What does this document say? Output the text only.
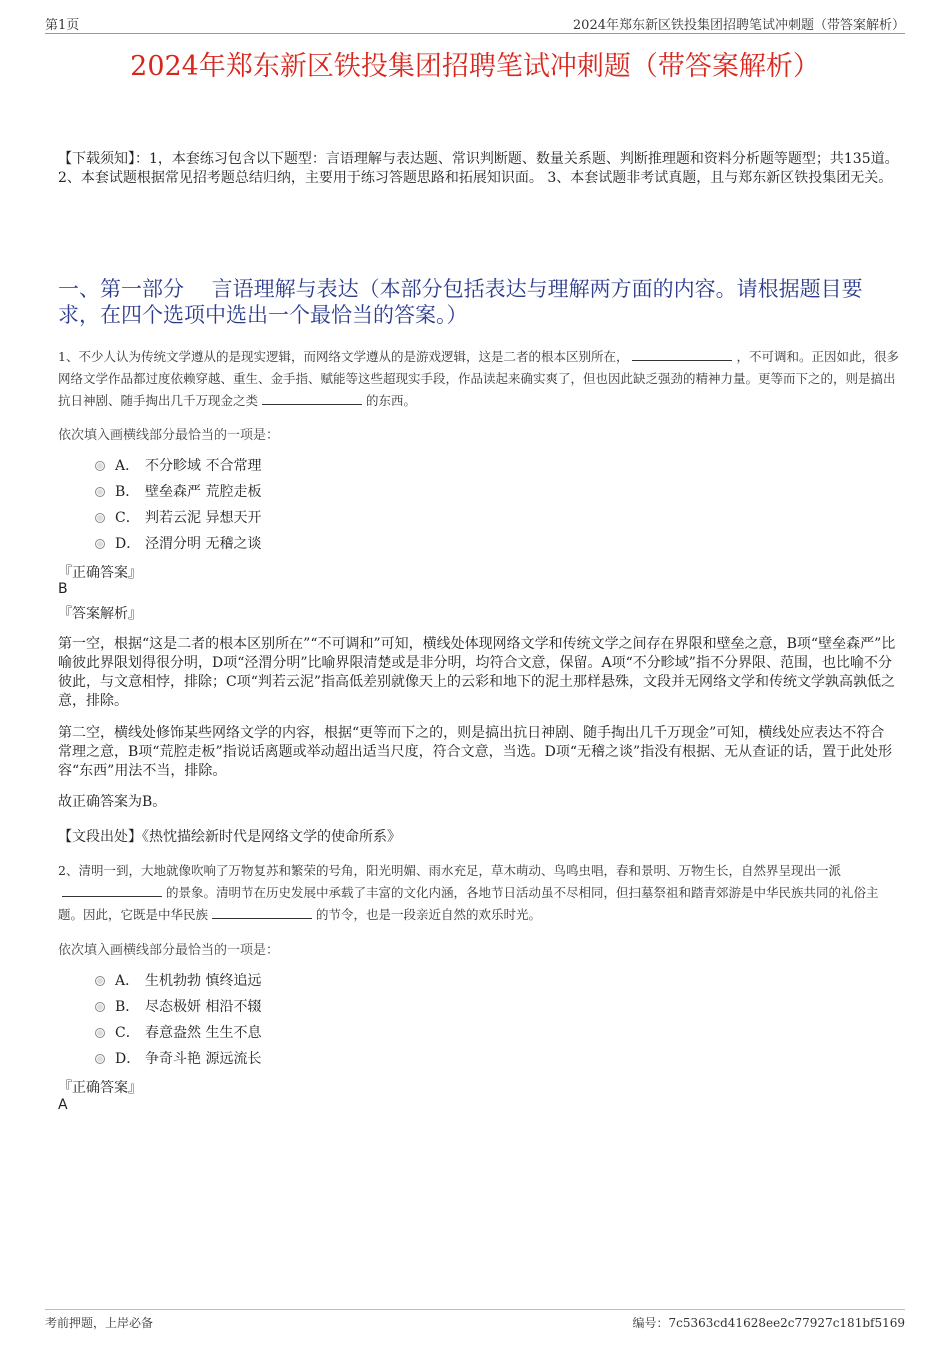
第1页	2024年郑东新区铁投集团招聘笔试冲刺题（带答案解析）
2024年郑东新区铁投集团招聘笔试冲刺题（带答案解析）
【下载须知】：1，本套练习包含以下题型：言语理解与表达题、常识判断题、数量关系题、判断推理题和资料分析题等题型；共135道。 2、本套试题根据常见招考题总结归纳，主要用于练习答题思路和拓展知识面。 3、本套试题非考试真题，且与郑东新区铁投集团无关。
一、第一部分　 言语理解与表达（本部分包括表达与理解两方面的内容。请根据题目要求，在四个选项中选出一个最恰当的答案。）
1、不少人认为传统文学遵从的是现实逻辑，而网络文学遵从的是游戏逻辑，这是二者的根本区别所在，	，不可调和。正因如此，很多网络文学作品都过度依赖穿越、重生、金手指、赋能等这些超现实手段，作品读起来确实爽了，但也因此缺乏强劲的精神力量。更等而下之的，则是搞出抗日神剧、随手掏出几千万现金之类	的东西。
依次填入画横线部分最恰当的一项是：
A． 不分畛域 不合常理
B． 壁垒森严 荒腔走板
C． 判若云泥 异想天开
D． 泾渭分明 无稽之谈
『正确答案』
B
『答案解析』
第一空，根据“这是二者的根本区别所在”“不可调和”可知，横线处体现网络文学和传统文学之间存在界限和壁垒之意，B项“壁垒森严”比喻彼此界限划得很分明，D项“泾渭分明”比喻界限清楚或是非分明，均符合文意，保留。A项“不分畛域”指不分界限、范围，也比喻不分彼此，与文意相悖，排除；C项“判若云泥”指高低差别就像天上的云彩和地下的泥土那样悬殊，文段并无网络文学和传统文学孰高孰低之意，排除。
第二空，横线处修饰某些网络文学的内容，根据“更等而下之的，则是搞出抗日神剧、随手掏出几千万现金”可知，横线处应表达不符合常理之意，B项“荒腔走板”指说话离题或举动超出适当尺度，符合文意，当选。D项“无稽之谈”指没有根据、无从查证的话，置于此处形容“东西”用法不当，排除。
故正确答案为B。
【文段出处】《热忱描绘新时代是网络文学的使命所系》
2、清明一到，大地就像吹响了万物复苏和繁荣的号角，阳光明媚、雨水充足，草木萌动、鸟鸣虫唱，春和景明、万物生长，自然界呈现出一派的景象。清明节在历史发展中承载了丰富的文化内涵，各地节日活动虽不尽相同，但扫墓祭祖和踏青郊游是中华民族共同的礼俗主题。因此，它既是中华民族	的节令，也是一段亲近自然的欢乐时光。
依次填入画横线部分最恰当的一项是：
A． 生机勃勃 慎终追远
B． 尽态极妍 相沿不辍
C． 春意盎然 生生不息
D． 争奇斗艳 源远流长
『正确答案』
A
考前押题，上岸必备	编号：7c5363cd41628ee2c77927c181bf5169
